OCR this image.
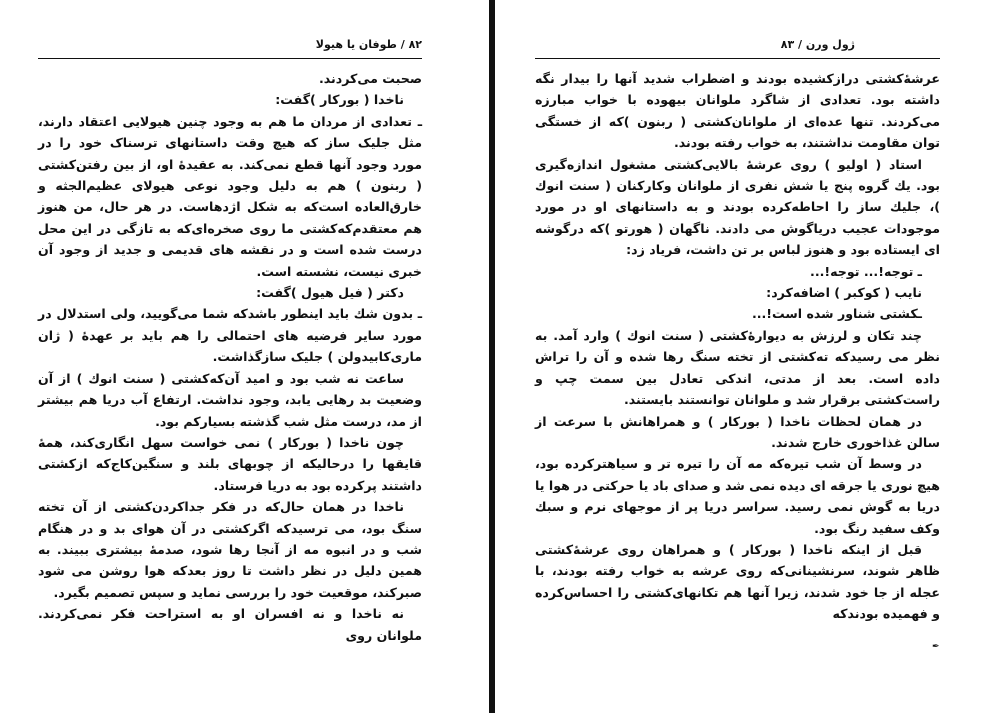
۸۲ / طوفان یا هیولا

صحبت می‌کردند.

ناخدا ( بورکار )گفت:

ـ تعدادی از مردان ما هم به وجود چنین هیولایی اعتقاد دارند، مثل جلیک‌ ساز که هیچ وقت داستانهای ترسناک خود را در مورد وجود آنها قطع نمی‌کند. به عقیدهٔ او، از بین رفتن‌کشتی ( ربنون ) هم به دلیل وجود نوعی هیولای عظیم‌الجثه و خارق‌العاده است‌که به شکل اژدهاست. در هر حال، من هنوز هم معتقدم‌که‌کشتی ما روی صخره‌ای‌که به تازگی در این محل درست شده است و در نقشه های قدیمی و جدید از وجود آن خبری نیست، نشسته است.

دکتر ( فیل هیول )گفت:

ـ بدون شك باید اینطور باشد‌که شما می‌گویید، ولی استدلال در مورد سایر فرضیه های احتمالی را هم باید بر عهدهٔ ( ژان ماری‌کابیدولن ) جلیک ساز‌گذاشت.

ساعت نه شب بود و امید آن‌که‌کشتی ( سنت انوك ) از آن وضعیت بد رهایی یابد، وجود نداشت. ارتفاع آب دریا هم بیشتر از مد، درست مثل شب گذشته بسیار‌کم بود.

چون ناخدا ( بورکار ) نمی خواست سهل انگاری‌کند، همهٔ قایقها را درحالیکه از چوبهای بلند و سنگین‌کاج‌که ازکشتی داشتند پر‌کرده بود به دریا فرستاد.

ناخدا در همان حال‌که در فکر جدا‌کردن‌کشتی از آن تخته سنگ بود، می ترسید‌که اگر‌کشتی در آن هوای بد و در هنگام شب و در انبوه مه از آنجا رها شود، صدمهٔ بیشتری ببیند. به همین دلیل در نظر داشت تا روز بعد‌که هوا روشن می شود صبر‌کند، موقعیت خود را بررسی نماید و سپس تصمیم بگیرد.

نه ناخدا و نه افسران او به استراحت فکر نمی‌کردند. ملوانان روی

ژول ورن / ۸۳

عرشهٔ‌کشتی درازکشیده بودند و اضطراب شدید آنها را بیدار نگه داشته بود. تعدادی از شاگرد ملوانان بیهوده با خواب مبارزه می‌کردند. تنها عده‌ای از ملوانان‌کشتی ( ربنون )‌که از خستگی توان مقاومت نداشتند، به خواب رفته بودند.

استاد ( اولیو ) روی عرشهٔ بالایی‌کشتی مشغول اندازه‌گیری بود. یك گروه پنج یا شش نفری از ملوانان و‌کارکنان ( سنت انوك )، جلیك ساز را احاطه‌کرده بودند و به داستانهای او در مورد موجودات عجیب دریا‌گوش می دادند. ناگهان ( هورتو )‌که در‌گوشه ای ایستاده بود و هنوز لباس بر تن داشت، فریاد زد:

ـ توجه!... توجه!...

نایب ( کوکبر ) اضافه‌کرد:

ـکشتی شناور شده است!...

چند تکان و لرزش به دیوارهٔ‌کشتی ( سنت انوك ) وارد آمد. به نظر می رسید‌که ته‌کشتی از تخته سنگ رها شده و آن را تراش داده است. بعد از مدتی، اندکی تعادل بین سمت چپ و راست‌کشتی برقرار شد و ملوانان توانستند بایستند.

در همان لحظات ناخدا ( بورکار ) و همراهانش با سرعت از سالن غذاخوری خارج شدند.

در وسط آن شب تیره‌که مه آن را تیره تر و سیاهتر‌کرده بود، هیچ نوری یا جرقه ای دیده نمی شد و صدای باد یا حرکتی در هوا یا دریا به گوش نمی رسید. سراسر دریا پر از موجهای نرم و سبك و‌کف سفید رنگ بود.

قبل از اینکه ناخدا ( بورکار ) و همراهان روی عرشهٔ‌کشتی ظاهر شوند، سرنشینانی‌که روی عرشه به خواب رفته بودند، با عجله از جا خود شدند، زیرا آنها هم تکانهای‌کشتی را احساس‌کرده و فهمیده بودند‌که

✒
